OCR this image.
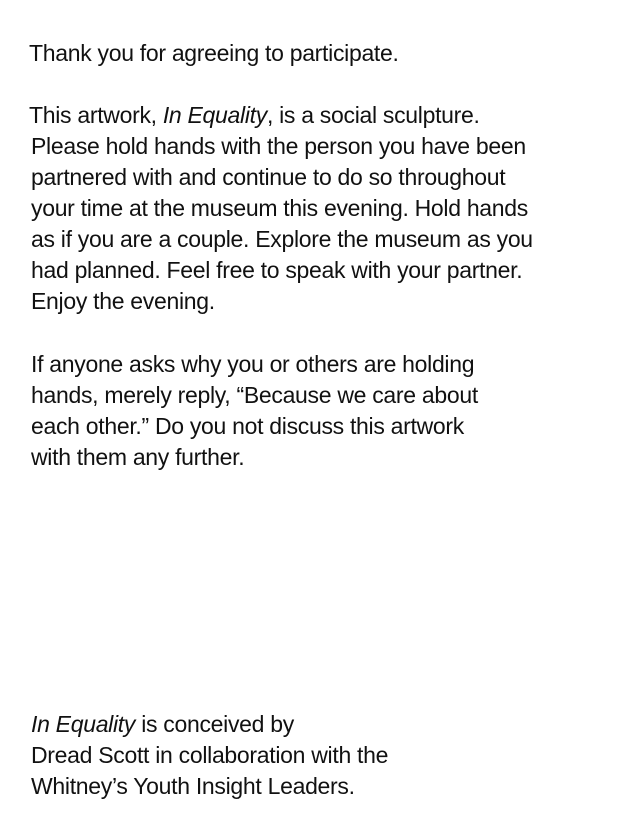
Thank you for agreeing to participate.

This artwork, In Equality, is a social sculpture.
Please hold hands with the person you have been
partnered with and continue to do so throughout
your time at the museum this evening. Hold hands
as if you are a couple. Explore the museum as you
had planned. Feel free to speak with your partner.
Enjoy the evening.

If anyone asks why you or others are holding
hands, merely reply, “Because we care about
each other.” Do you not discuss this artwork
with them any further.

In Equality is conceived by
Dread Scott in collaboration with the
Whitney’s Youth Insight Leaders.
